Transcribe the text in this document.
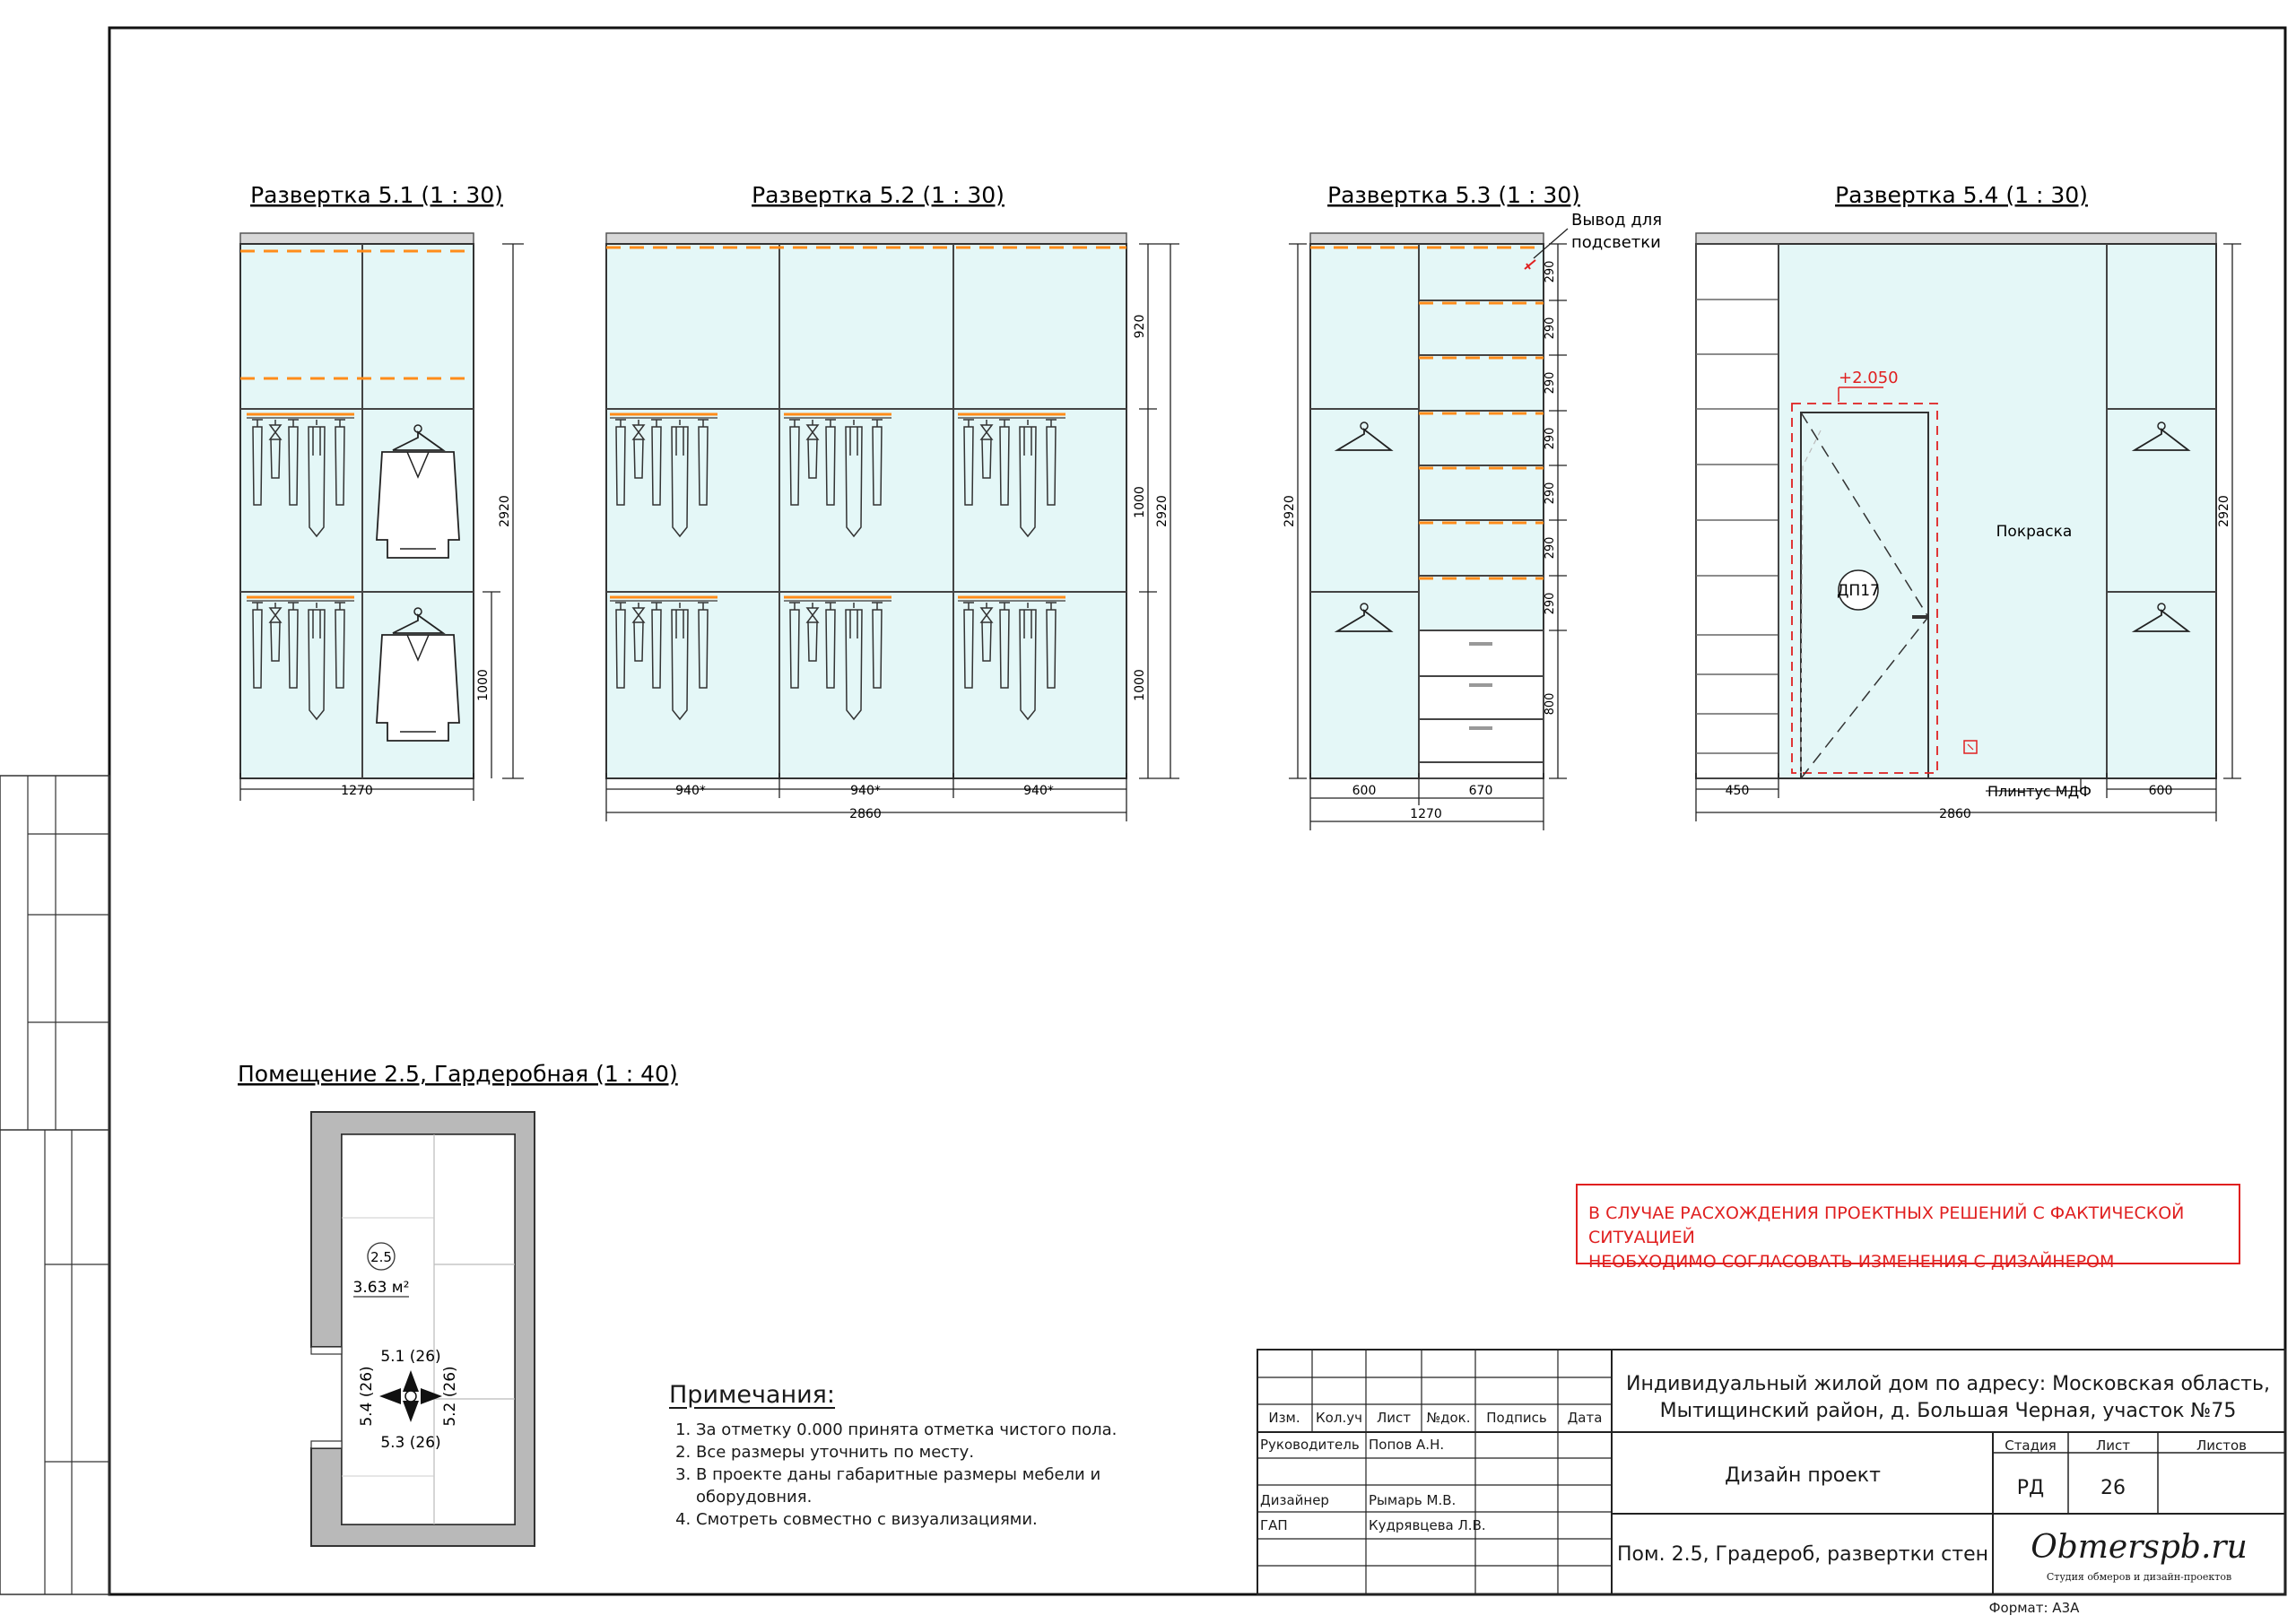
Развертка 5.1 (1 : 30)
1270
2920
1000
Развертка 5.2 (1 : 30)
940*	940*	940*
2860
920
1000
1000
2920
Развертка 5.3 (1 : 30)
Вывод для
подсветки
2920
290
290
290
290
290
290
290
800
600	670
1270
Развертка 5.4 (1 : 30)
ДП17
+2.050
Покраска
Плинтус МДФ
2920
450	600
2860
Помещение 2.5, Гардеробная (1 : 40)
2.5
3.63 м²
5.1 (26)
5.3 (26)
5.4 (26)	5.2 (26)	Изм. Кол.уч Лист №док. Подпись Дата
Руководитель Попов А.Н.
Дизайнер	Рымарь М.В.
ГАП	Кудрявцева Л.В.
Индивидуальный жилой дом по адресу: Московская область,
Мытищинский район, д. Большая Черная, участок №75
Дизайн проект
Пом. 2.5, Градероб, развертки стен
Стадия	Лист	Листов
РД	26
Obmerspb.ru
Студия обмеров и дизайн-проектов
Формат: А3А
В СЛУЧАЕ РАСХОЖДЕНИЯ ПРОЕКТНЫХ РЕШЕНИЙ С ФАКТИЧЕСКОЙ СИТУАЦИЕЙ
НЕОБХОДИМО СОГЛАСОВАТЬ ИЗМЕНЕНИЯ С ДИЗАЙНЕРОМ
Примечания:
1. За отметку 0.000 принята отметка чистого пола.
2. Все размеры уточнить по месту.
3. В проекте даны габаритные размеры мебели и оборудовния.
4. Смотреть совместно с визуализациями.
